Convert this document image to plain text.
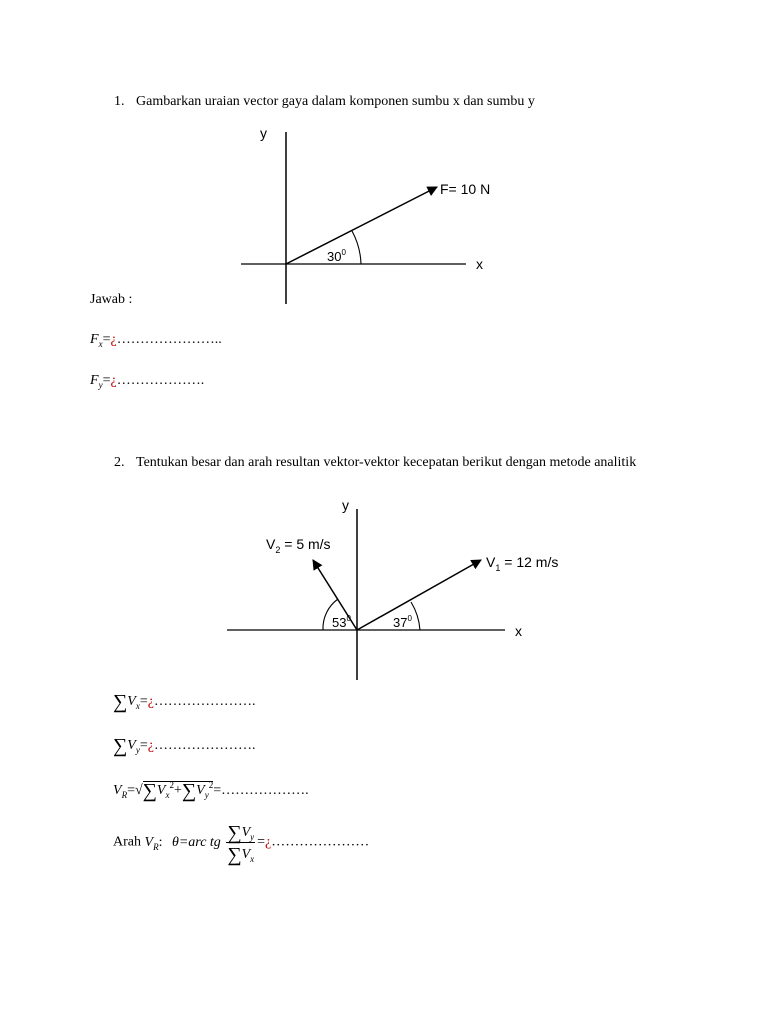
1. Gambarkan uraian vector gaya dalam komponen sumbu x dan sumbu y
y
x
F= 10 N
$30^0$
y
x
$V_2 = 5$ m/s
$V_1 = 12$ m/s
$53^0$	$37^0$
Jawab :
$F_x=¿\dots\dots\dots\dots\dots\dots\dots$..
$F_y=¿\dots\dots\dots\dots\dots\dots$.
2. Tentukan besar dan arah resultan vektor-vektor kecepatan berikut dengan metode analitik
$\sum V_x=¿\dots\dots\dots\dots\dots\dots\dots$.
$\sum V_y=¿\dots\dots\dots\dots\dots\dots\dots$.
$V_R=√\sum V_x^2+\sum V_y^2=\dots\dots\dots\dots\dots\dots$.
Arah $V_R$: θ=arc tg $\frac{\sum V_y}{\sum V_x}$ =¿…………………
